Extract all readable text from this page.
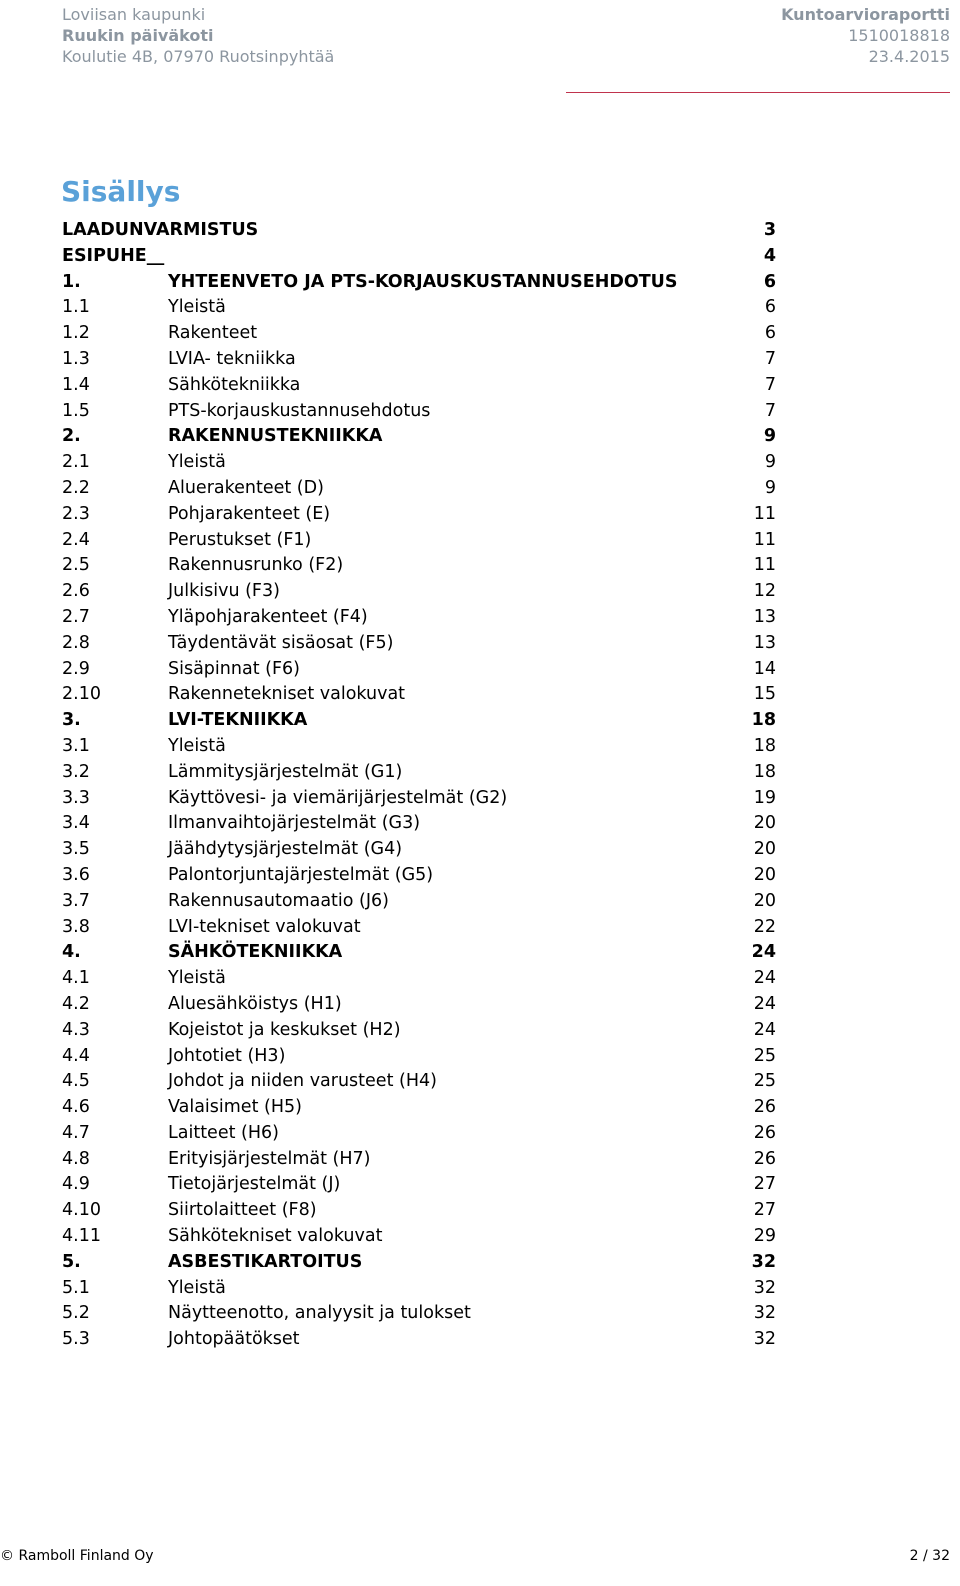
Loviisan kaupunki	Kuntoarvioraportti
Ruukin päiväkoti	1510018818
Koulutie 4B, 07970 Ruotsinpyhtää	23.4.2015
Sisällys
LAADUNVARMISTUS	3
ESIPUHE__	4
1.	YHTEENVETO JA PTS-KORJAUSKUSTANNUSEHDOTUS	6
1.1	Yleistä	6
1.2	Rakenteet	6
1.3	LVIA- tekniikka	7
1.4	Sähkötekniikka	7
1.5	PTS-korjauskustannusehdotus	7
2.	RAKENNUSTEKNIIKKA	9
2.1	Yleistä	9
2.2	Aluerakenteet (D)	9
2.3	Pohjarakenteet (E)	11
2.4	Perustukset (F1)	11
2.5	Rakennusrunko (F2)	11
2.6	Julkisivu (F3)	12
2.7	Yläpohjarakenteet (F4)	13
2.8	Täydentävät sisäosat (F5)	13
2.9	Sisäpinnat (F6)	14
2.10	Rakennetekniset valokuvat	15
3.	LVI-TEKNIIKKA	18
3.1	Yleistä	18
3.2	Lämmitysjärjestelmät (G1)	18
3.3	Käyttövesi- ja viemärijärjestelmät (G2)	19
3.4	Ilmanvaihtojärjestelmät (G3)	20
3.5	Jäähdytysjärjestelmät (G4)	20
3.6	Palontorjuntajärjestelmät (G5)	20
3.7	Rakennusautomaatio (J6)	20
3.8	LVI-tekniset valokuvat	22
4.	SÄHKÖTEKNIIKKA	24
4.1	Yleistä	24
4.2	Aluesähköistys (H1)	24
4.3	Kojeistot ja keskukset (H2)	24
4.4	Johtotiet (H3)	25
4.5	Johdot ja niiden varusteet (H4)	25
4.6	Valaisimet (H5)	26
4.7	Laitteet (H6)	26
4.8	Erityisjärjestelmät (H7)	26
4.9	Tietojärjestelmät (J)	27
4.10	Siirtolaitteet (F8)	27
4.11	Sähkötekniset valokuvat	29
5.	ASBESTIKARTOITUS	32
5.1	Yleistä	32
5.2	Näytteenotto, analyysit ja tulokset	32
5.3	Johtopäätökset	32
© Ramboll Finland Oy	2 / 32
